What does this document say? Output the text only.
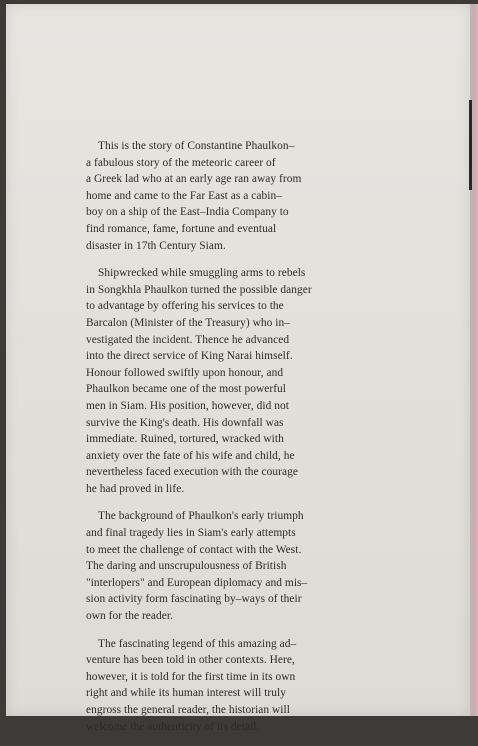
This is the story of Constantine Phaulkon–
a fabulous story of the meteoric career of
a Greek lad who at an early age ran away from
home and came to the Far East as a cabin–
boy on a ship of the East–India Company to
find romance, fame, fortune and eventual
disaster in 17th Century Siam.
Shipwrecked while smuggling arms to rebels
in Songkhla Phaulkon turned the possible danger
to advantage by offering his services to the
Barcalon (Minister of the Treasury) who in–
vestigated the incident. Thence he advanced
into the direct service of King Narai himself.
Honour followed swiftly upon honour, and
Phaulkon became one of the most powerful
men in Siam. His position, however, did not
survive the King's death. His downfall was
immediate. Ruined, tortured, wracked with
anxiety over the fate of his wife and child, he
nevertheless faced execution with the courage
he had proved in life.
The background of Phaulkon's early triumph
and final tragedy lies in Siam's early attempts
to meet the challenge of contact with the West.
The daring and unscrupulousness of British
"interlopers" and European diplomacy and mis–
sion activity form fascinating by–ways of their
own for the reader.
The fascinating legend of this amazing ad–
venture has been told in other contexts. Here,
however, it is told for the first time in its own
right and while its human interest will truly
engross the general reader, the historian will
welcome the authenticity of its detail.
